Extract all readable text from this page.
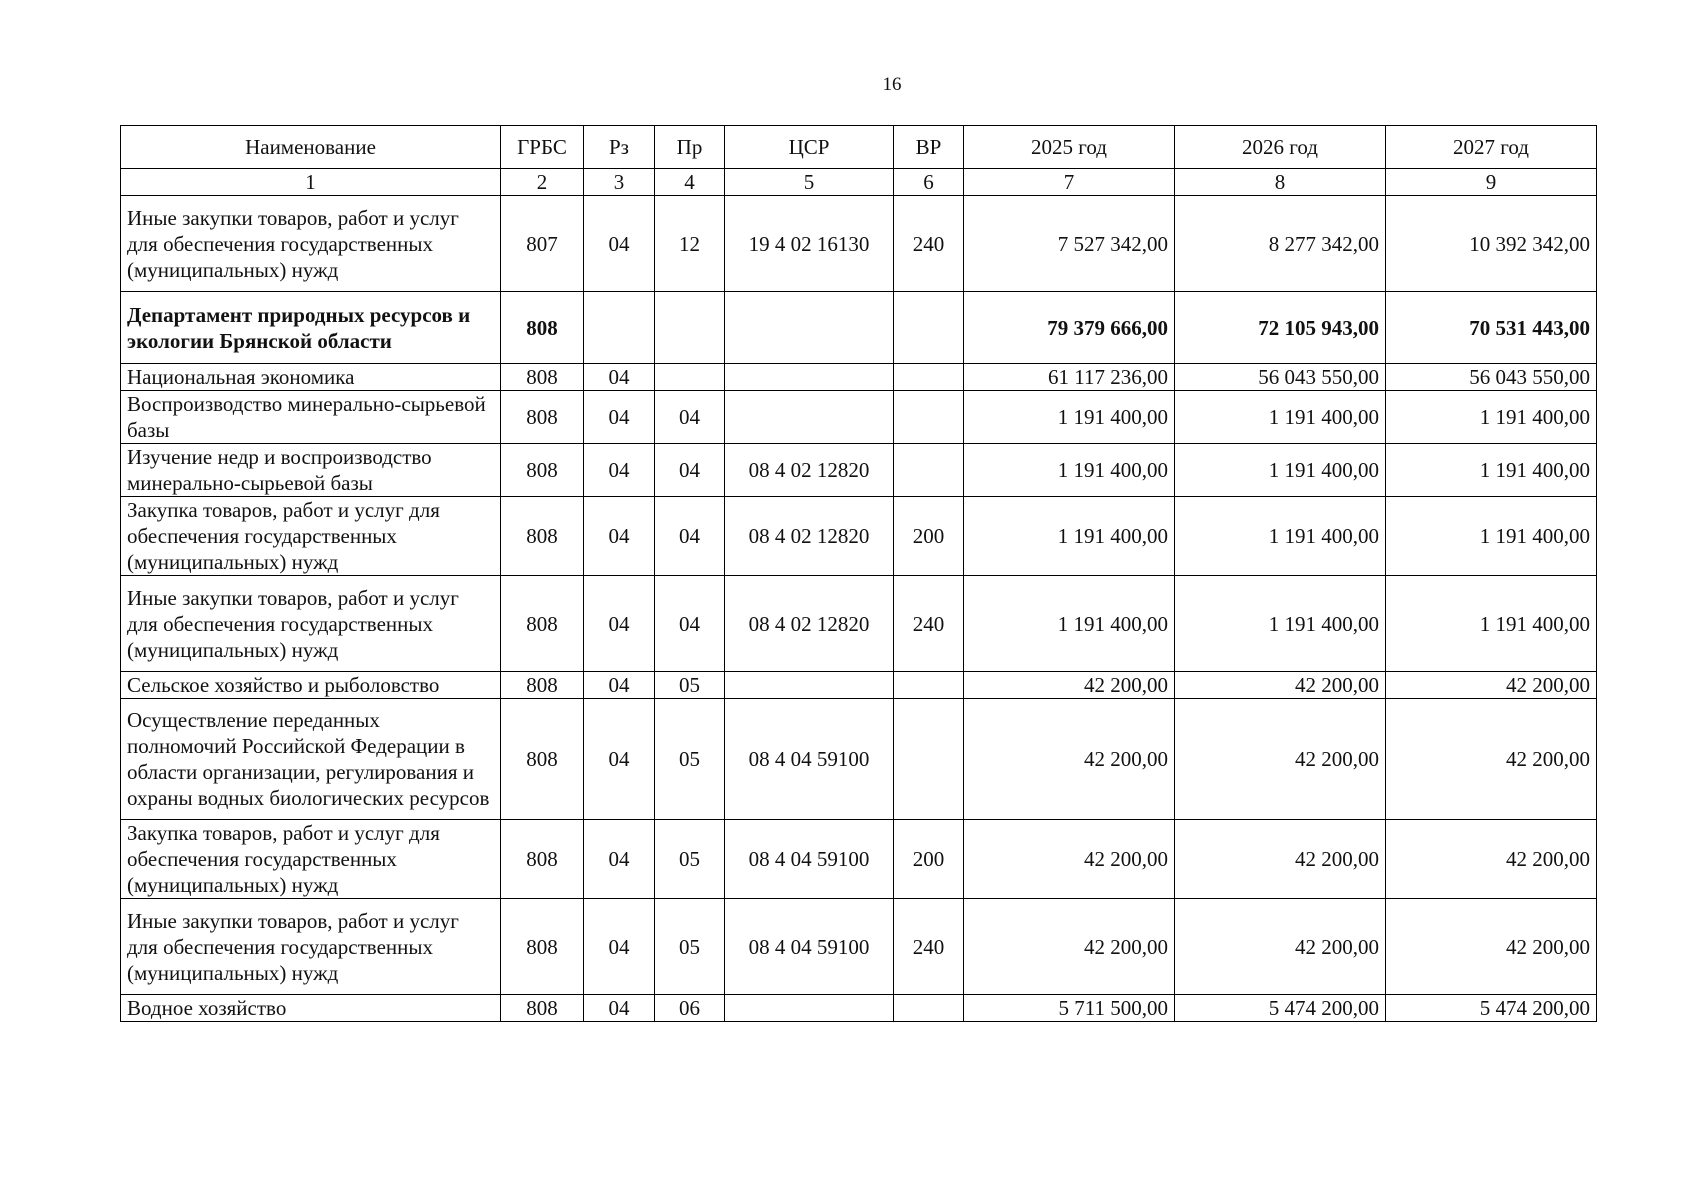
16
Наименование	ГРБС	Рз	Пр	ЦСР	ВР	2025 год	2026 год	2027 год
1	2	3	4	5	6	7	8	9
Иные закупки товаров, работ и услуг для обеспечения государственных (муниципальных) нужд	807	04	12	19 4 02 16130	240	7 527 342,00	8 277 342,00	10 392 342,00
Департамент природных ресурсов и экологии Брянской области	808					79 379 666,00	72 105 943,00	70 531 443,00
Национальная экономика	808	04				61 117 236,00	56 043 550,00	56 043 550,00
Воспроизводство минерально-сырьевой базы	808	04	04			1 191 400,00	1 191 400,00	1 191 400,00
Изучение недр и воспроизводство минерально-сырьевой базы	808	04	04	08 4 02 12820		1 191 400,00	1 191 400,00	1 191 400,00
Закупка товаров, работ и услуг для обеспечения государственных (муниципальных) нужд	808	04	04	08 4 02 12820	200	1 191 400,00	1 191 400,00	1 191 400,00
Иные закупки товаров, работ и услуг для обеспечения государственных (муниципальных) нужд	808	04	04	08 4 02 12820	240	1 191 400,00	1 191 400,00	1 191 400,00
Сельское хозяйство и рыболовство	808	04	05			42 200,00	42 200,00	42 200,00
Осуществление переданных полномочий Российской Федерации в области организации, регулирования и охраны водных биологических ресурсов	808	04	05	08 4 04 59100		42 200,00	42 200,00	42 200,00
Закупка товаров, работ и услуг для обеспечения государственных (муниципальных) нужд	808	04	05	08 4 04 59100	200	42 200,00	42 200,00	42 200,00
Иные закупки товаров, работ и услуг для обеспечения государственных (муниципальных) нужд	808	04	05	08 4 04 59100	240	42 200,00	42 200,00	42 200,00
Водное хозяйство	808	04	06			5 711 500,00	5 474 200,00	5 474 200,00
